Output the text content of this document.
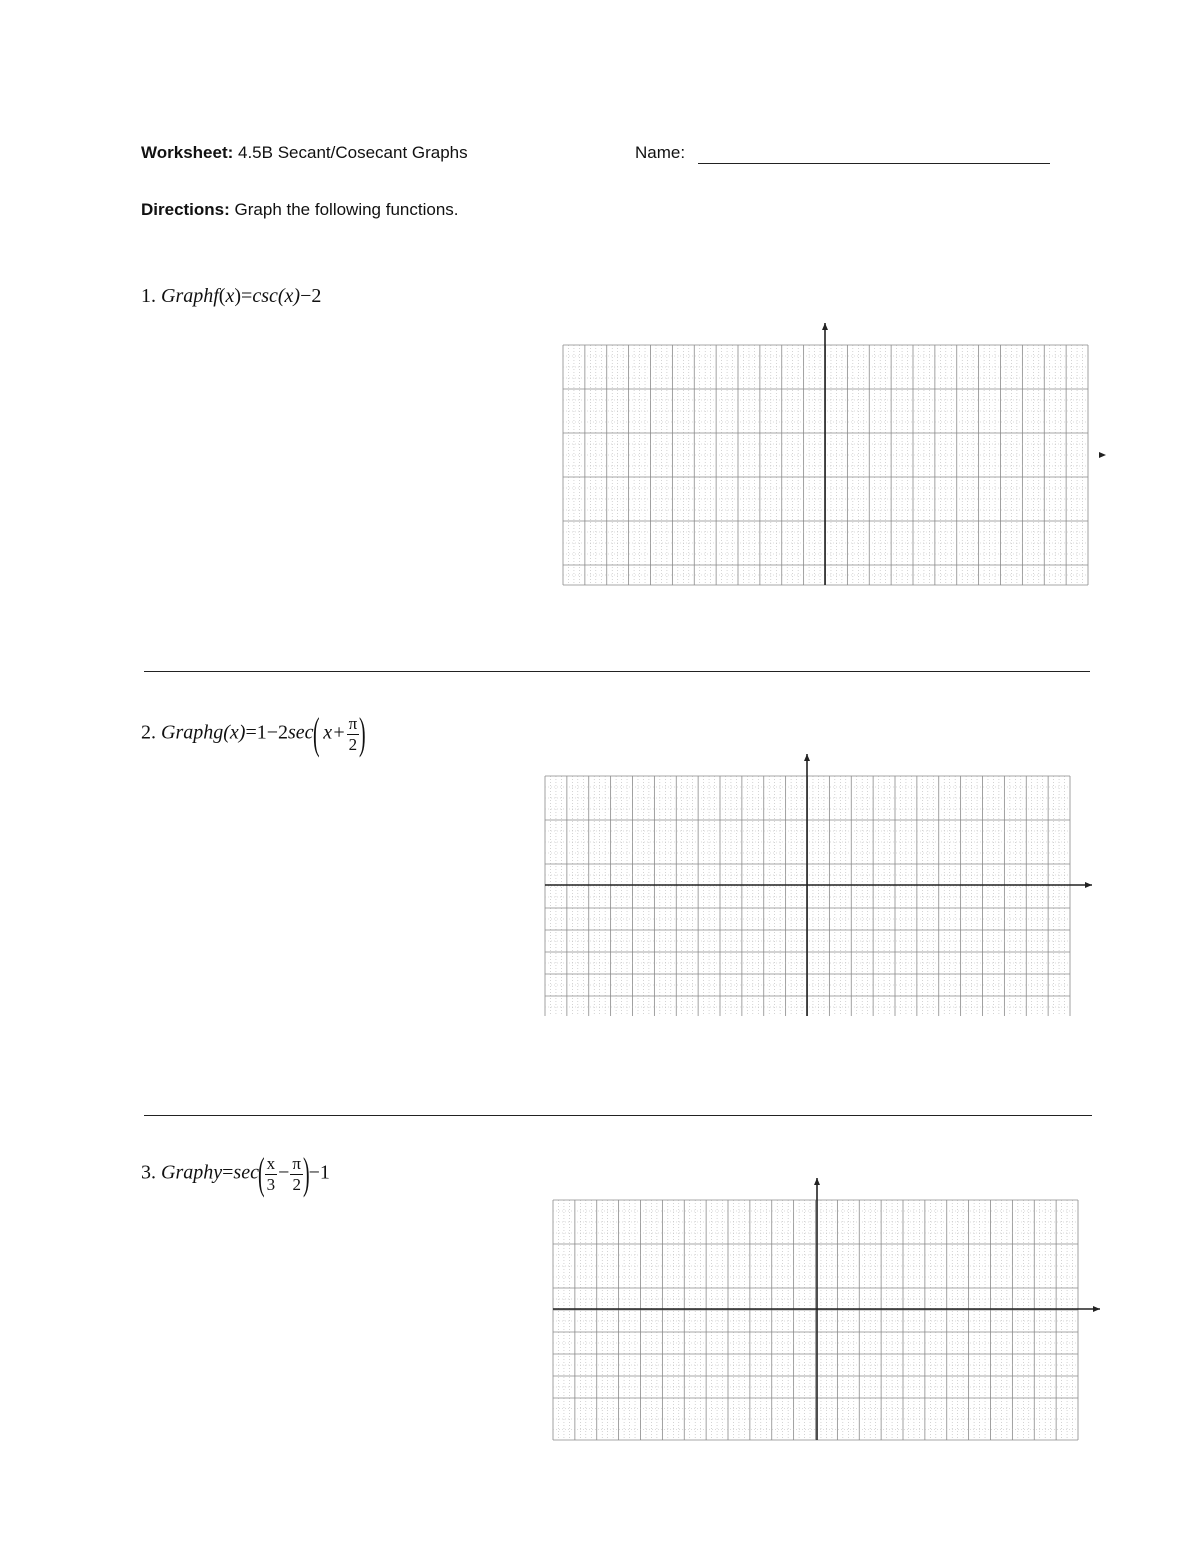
Worksheet: 4.5B Secant/Cosecant Graphs	Name:
Directions: Graph the following functions.
1. Graphf(x)=csc(x)−2
2. Graphg(x)=1−2sec( $x+ \frac{\pi}{2}$ )
3. Graphy=sec( $\frac{x}{3} - \frac{\pi}{2} )-1$
